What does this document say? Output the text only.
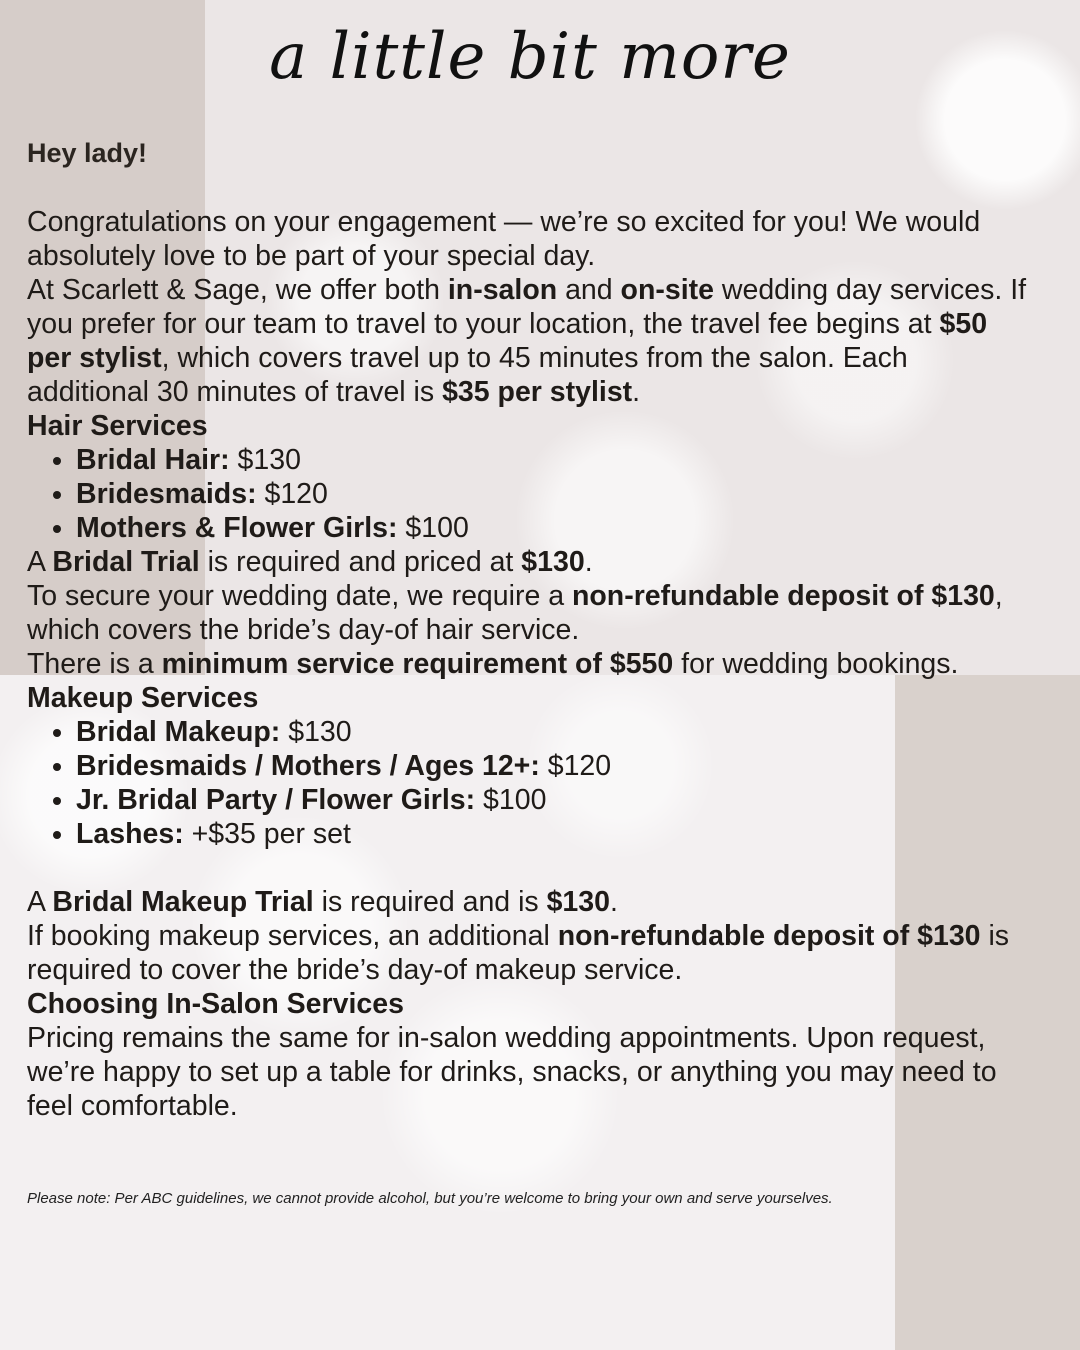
a little bit more
Hey lady!

Congratulations on your engagement — we’re so excited for you! We would absolutely love to be part of your special day.

At Scarlett & Sage, we offer both in-salon and on-site wedding day services. If you prefer for our team to travel to your location, the travel fee begins at $50 per stylist, which covers travel up to 45 minutes from the salon. Each additional 30 minutes of travel is $35 per stylist.

Hair Services
• Bridal Hair: $130
• Bridesmaids: $120
• Mothers & Flower Girls: $100

A Bridal Trial is required and priced at $130.

To secure your wedding date, we require a non-refundable deposit of $130, which covers the bride’s day-of hair service.

There is a minimum service requirement of $550 for wedding bookings.

Makeup Services
• Bridal Makeup: $130
• Bridesmaids / Mothers / Ages 12+: $120
• Jr. Bridal Party / Flower Girls: $100
• Lashes: +$35 per set

A Bridal Makeup Trial is required and is $130.

If booking makeup services, an additional non-refundable deposit of $130 is required to cover the bride’s day-of makeup service.

Choosing In-Salon Services

Pricing remains the same for in-salon wedding appointments. Upon request, we’re happy to set up a table for drinks, snacks, or anything you may need to feel comfortable.

Please note: Per ABC guidelines, we cannot provide alcohol, but you’re welcome to bring your own and serve yourselves.
